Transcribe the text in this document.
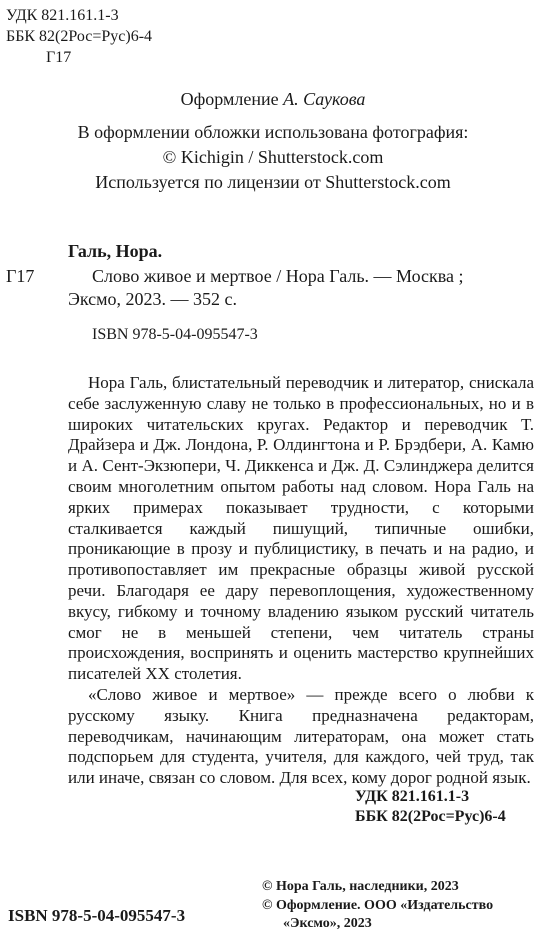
УДК 821.161.1-3
ББК 82(2Рос=Рус)6-4
Г17
Оформление А. Саукова
В оформлении обложки использована фотография:
© Kichigin / Shutterstock.com
Используется по лицензии от Shutterstock.com
Галь, Нора.
Г17	Слово живое и мертвое / Нора Галь. — Москва ;
Эксмо, 2023. — 352 с.
ISBN 978-5-04-095547-3

Нора Галь, блистательный переводчик и литератор, снискала себе заслуженную славу не только в профессиональных, но и в широких читательских кругах. Редактор и переводчик Т. Драйзера и Дж. Лондона, Р. Олдингтона и Р. Брэдбери, А. Камю и А. Сент-Экзюпери, Ч. Диккенса и Дж. Д. Сэлинджера делится своим многолетним опытом работы над словом. Нора Галь на ярких примерах показывает трудности, с которыми сталкивается каждый пишущий, типичные ошибки, проникающие в прозу и публицистику, в печать и на радио, и противопоставляет им прекрасные образцы живой русской речи. Благодаря ее дару перевоплощения, художественному вкусу, гибкому и точному владению языком русский читатель смог не в меньшей степени, чем читатель страны происхождения, воспринять и оценить мастерство крупнейших писателей XX столетия.

«Слово живое и мертвое» — прежде всего о любви к русскому языку. Книга предназначена редакторам, переводчикам, начинающим литераторам, она может стать подспорьем для студента, учителя, для каждого, чей труд, так или иначе, связан со словом. Для всех, кому дорог родной язык.

УДК 821.161.1-3
ББК 82(2Рос=Рус)6-4
© Нора Галь, наследники, 2023
© Оформление. ООО «Издательство
«Эксмо», 2023
ISBN 978-5-04-095547-3
